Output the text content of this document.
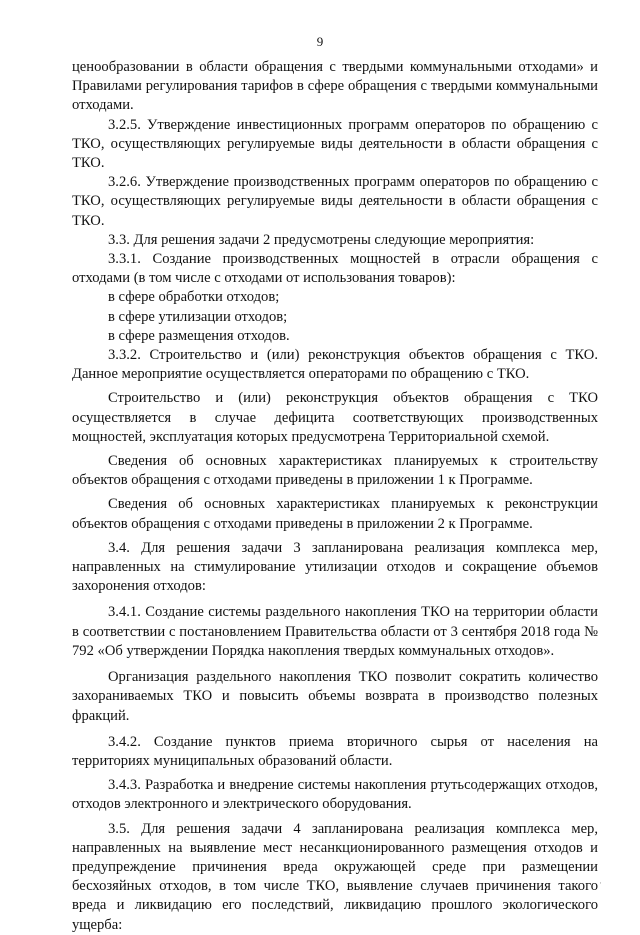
9

ценообразовании в области обращения с твердыми коммунальными отходами» и Правилами регулирования тарифов в сфере обращения с твердыми коммунальными отходами.

3.2.5. Утверждение инвестиционных программ операторов по обращению с ТКО, осуществляющих регулируемые виды деятельности в области обращения с ТКО.

3.2.6. Утверждение производственных программ операторов по обращению с ТКО, осуществляющих регулируемые виды деятельности в области обращения с ТКО.

3.3. Для решения задачи 2 предусмотрены следующие мероприятия:

3.3.1. Создание производственных мощностей в отрасли обращения с отходами (в том числе с отходами от использования товаров):

в сфере обработки отходов;

в сфере утилизации отходов;

в сфере размещения отходов.

3.3.2. Строительство и (или) реконструкция объектов обращения с ТКО. Данное мероприятие осуществляется операторами по обращению с ТКО.

Строительство и (или) реконструкция объектов обращения с ТКО осуществляется в случае дефицита соответствующих производственных мощностей, эксплуатация которых предусмотрена Территориальной схемой.

Сведения об основных характеристиках планируемых к строительству объектов обращения с отходами приведены в приложении 1 к Программе.

Сведения об основных характеристиках планируемых к реконструкции объектов обращения с отходами приведены в приложении 2 к Программе.

3.4. Для решения задачи 3 запланирована реализация комплекса мер, направленных на стимулирование утилизации отходов и сокращение объемов захоронения отходов:

3.4.1. Создание системы раздельного накопления ТКО на территории области в соответствии с постановлением Правительства области от 3 сентября 2018 года № 792 «Об утверждении Порядка накопления твердых коммунальных отходов».

Организация раздельного накопления ТКО позволит сократить количество захораниваемых ТКО и повысить объемы возврата в производство полезных фракций.

3.4.2. Создание пунктов приема вторичного сырья от населения на территориях муниципальных образований области.

3.4.3. Разработка и внедрение системы накопления ртутьсодержащих отходов, отходов электронного и электрического оборудования.

3.5. Для решения задачи 4 запланирована реализация комплекса мер, направленных на выявление мест несанкционированного размещения отходов и предупреждение причинения вреда окружающей среде при размещении бесхозяйных отходов, в том числе ТКО, выявление случаев причинения такого вреда и ликвидацию его последствий, ликвидацию прошлого экологического ущерба:

·
